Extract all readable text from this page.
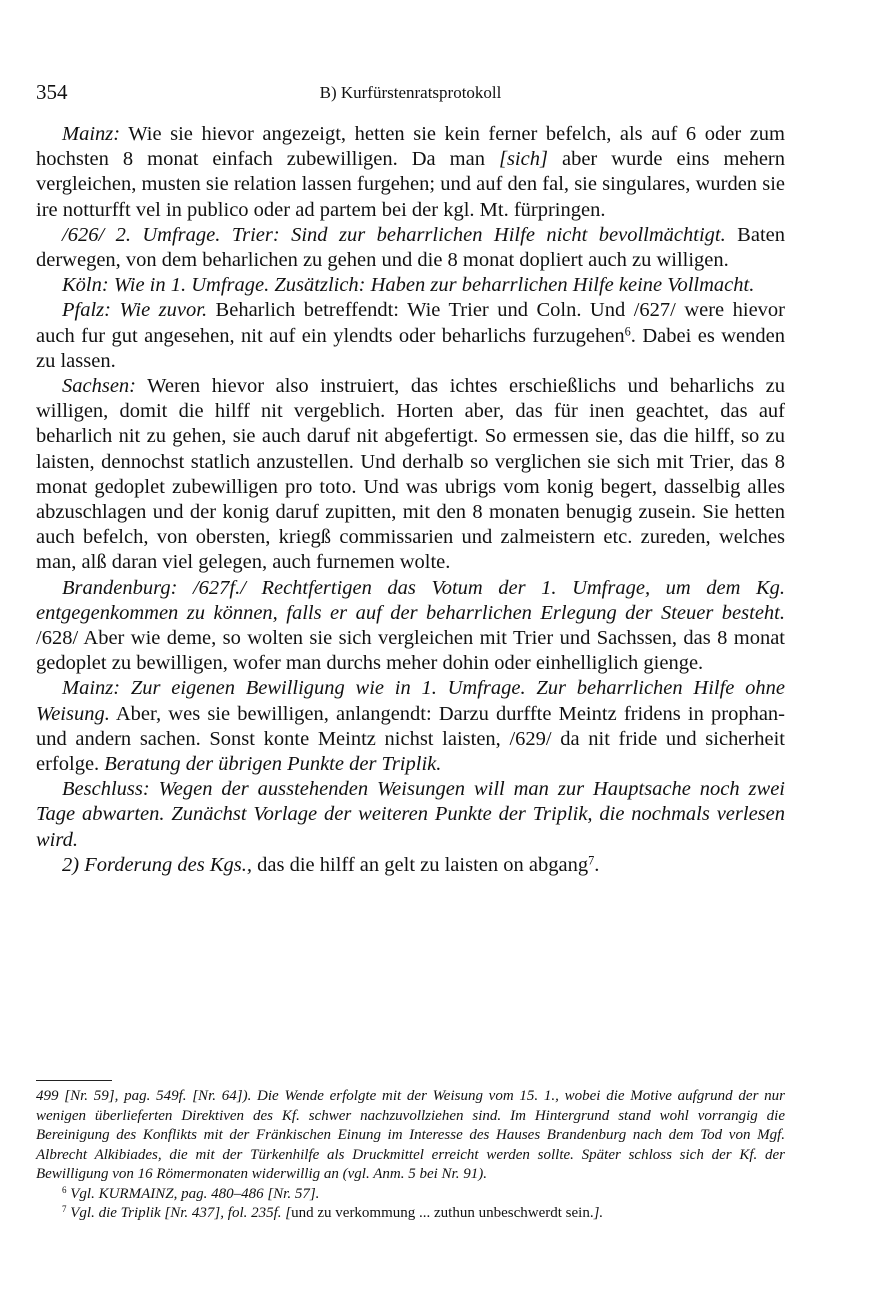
354	B) Kurfürstenratsprotokoll

Mainz: Wie sie hievor angezeigt, hetten sie kein ferner befelch, als auf 6 oder zum hochsten 8 monat einfach zubewilligen. Da man [sich] aber wurde eins mehern vergleichen, musten sie relation lassen furgehen; und auf den fal, sie singulares, wurden sie ire notturfft vel in publico oder ad partem bei der kgl. Mt. fürpringen.

/626/ 2. Umfrage. Trier: Sind zur beharrlichen Hilfe nicht bevollmächtigt. Baten derwegen, von dem beharlichen zu gehen und die 8 monat dopliert auch zu willigen.

Köln: Wie in 1. Umfrage. Zusätzlich: Haben zur beharrlichen Hilfe keine Vollmacht.

Pfalz: Wie zuvor. Beharlich betreffendt: Wie Trier und Coln. Und /627/ were hievor auch fur gut angesehen, nit auf ein ylendts oder beharlichs furzugehen$^6$. Dabei es wenden zu lassen.

Sachsen: Weren hievor also instruiert, das ichtes erschießlichs und beharlichs zu willigen, domit die hilff nit vergeblich. Horten aber, das für inen geachtet, das auf beharlich nit zu gehen, sie auch daruf nit abgefertigt. So ermessen sie, das die hilff, so zu laisten, dennochst statlich anzustellen. Und derhalb so verglichen sie sich mit Trier, das 8 monat gedoplet zubewilligen pro toto. Und was ubrigs vom konig begert, dasselbig alles abzuschlagen und der konig daruf zupitten, mit den 8 monaten benugig zusein. Sie hetten auch befelch, von obersten, kriegß commissarien und zalmeistern etc. zureden, welches man, alß daran viel gelegen, auch furnemen wolte.

Brandenburg: /627f./ Rechtfertigen das Votum der 1. Umfrage, um dem Kg. entgegenkommen zu können, falls er auf der beharrlichen Erlegung der Steuer besteht. /628/ Aber wie deme, so wolten sie sich vergleichen mit Trier und Sachssen, das 8 monat gedoplet zu bewilligen, wofer man durchs meher dohin oder einhelliglich gienge.

Mainz: Zur eigenen Bewilligung wie in 1. Umfrage. Zur beharrlichen Hilfe ohne Weisung. Aber, wes sie bewilligen, anlangendt: Darzu durffte Meintz fridens in prophan- und andern sachen. Sonst konte Meintz nichst laisten, /629/ da nit fride und sicherheit erfolge. Beratung der übrigen Punkte der Triplik.

Beschluss: Wegen der ausstehenden Weisungen will man zur Hauptsache noch zwei Tage abwarten. Zunächst Vorlage der weiteren Punkte der Triplik, die nochmals verlesen wird.

2) Forderung des Kgs., das die hilff an gelt zu laisten on abgang$^7$.

499 [Nr. 59], pag. 549f. [Nr. 64]). Die Wende erfolgte mit der Weisung vom 15. 1., wobei die Motive aufgrund der nur wenigen überlieferten Direktiven des Kf. schwer nachzuvollziehen sind. Im Hintergrund stand wohl vorrangig die Bereinigung des Konflikts mit der Fränkischen Einung im Interesse des Hauses Brandenburg nach dem Tod von Mgf. Albrecht Alkibiades, die mit der Türkenhilfe als Druckmittel erreicht werden sollte. Später schloss sich der Kf. der Bewilligung von 16 Römermonaten widerwillig an (vgl. Anm. 5 bei Nr. 91).

$^6$ Vgl. KURMAINZ, pag. 480–486 [Nr. 57].

$^7$ Vgl. die Triplik [Nr. 437], fol. 235f. [und zu verkommung ... zuthun unbeschwerdt sein.].
